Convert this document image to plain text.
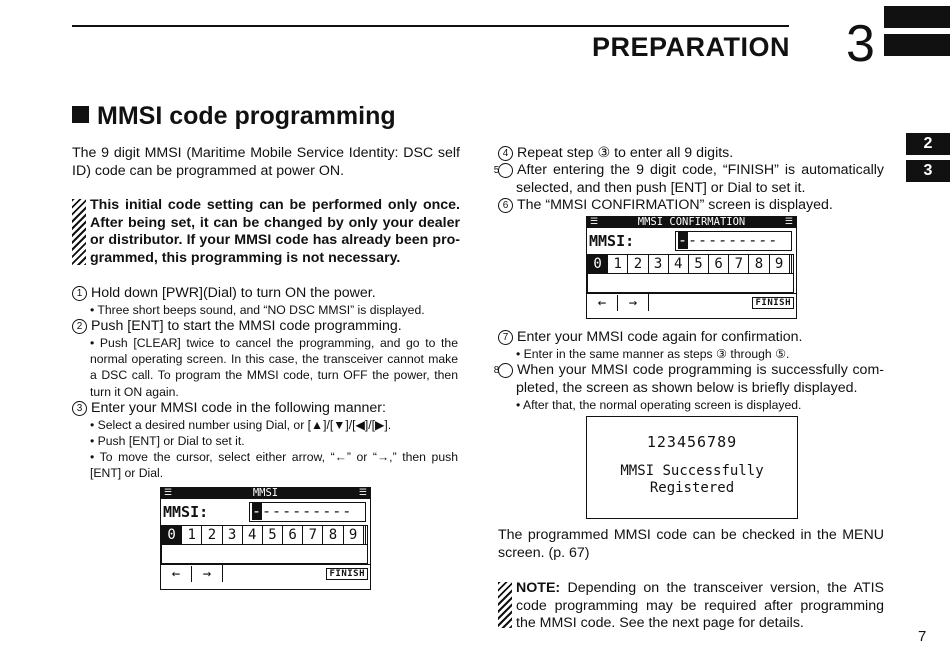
PREPARATION 3
2
3
MMSI code programming
The 9 digit MMSI (Maritime Mobile Service Identity: DSC self ID) code can be programmed at power ON.
This initial code setting can be performed only once. After being set, it can be changed by only your dealer or distributor. If your MMSI code has already been pro-grammed, this programming is not necessary.
1 Hold down [PWR](Dial) to turn ON the power.
• Three short beeps sound, and “NO DSC MMSI” is displayed.
2 Push [ENT] to start the MMSI code programming.
• Push [CLEAR] twice to cancel the programming, and go to the normal operating screen. In this case, the transceiver cannot make a DSC call. To program the MMSI code, turn OFF the power, then turn it ON again.
3 Enter your MMSI code in the following manner:
• Select a desired number using Dial, or [▲]/[▼]/[◀]/[▶].
• Push [ENT] or Dial to set it.
• To move the cursor, select either arrow, “←” or “→,” then push [ENT] or Dial.
☰	MMSI	☰
MMSI:	‑---------
0	1	2	3	4	5	6	7	8	9		

←	→	FINISH
4 Repeat step ③ to enter all 9 digits.
5 After entering the 9 digit code, “FINISH” is automatically selected, and then push [ENT] or Dial to set it.
6 The “MMSI CONFIRMATION” screen is displayed.
☰	MMSI CONFIRMATION	☰
MMSI:	‑---------
0	1	2	3	4	5	6	7	8	9		

←	→	FINISH
7 Enter your MMSI code again for confirmation.
• Enter in the same manner as steps ③ through ⑤.
8 When your MMSI code programming is successfully com-pleted, the screen as shown below is briefly displayed.
• After that, the normal operating screen is displayed.
123456789
MMSI Successfully
Registered
The programmed MMSI code can be checked in the MENU screen. (p. 67)
NOTE: Depending on the transceiver version, the ATIS code programming may be required after programming the MMSI code. See the next page for details.
7
